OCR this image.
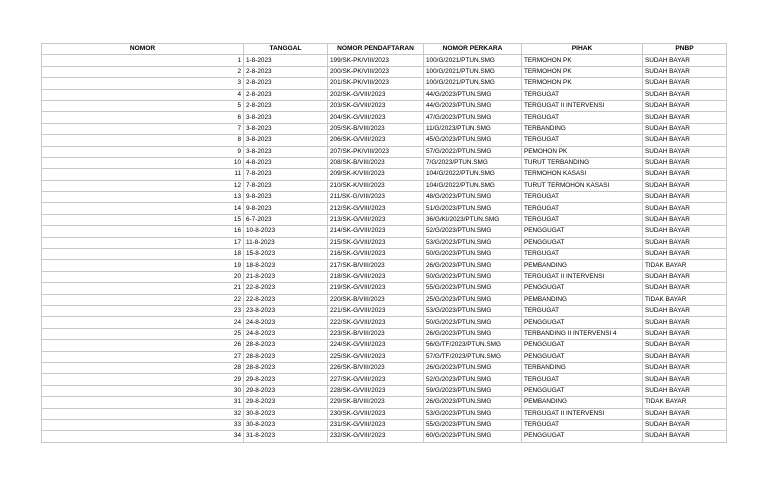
NOMOR	TANGGAL	NOMOR PENDAFTARAN	NOMOR PERKARA	PIHAK	PNBP
1	1-8-2023	199/SK-PK/VIII/2023	100/G/2021/PTUN.SMG	TERMOHON PK	SUDAH BAYAR
2	2-8-2023	200/SK-PK/VIII/2023	100/G/2021/PTUN.SMG	TERMOHON PK	SUDAH BAYAR
3	2-8-2023	201/SK-PK/VIII/2023	100/G/2021/PTUN.SMG	TERMOHON PK	SUDAH BAYAR
4	2-8-2023	202/SK-G/VIII/2023	44/G/2023/PTUN.SMG	TERGUGAT	SUDAH BAYAR
5	2-8-2023	203/SK-G/VIII/2023	44/G/2023/PTUN.SMG	TERGUGAT II INTERVENSI	SUDAH BAYAR
6	3-8-2023	204/SK-G/VIII/2023	47/G/2023/PTUN.SMG	TERGUGAT	SUDAH BAYAR
7	3-8-2023	205/SK-B/VIII/2023	11/G/2023/PTUN.SMG	TERBANDING	SUDAH BAYAR
8	3-8-2023	206/SK-G/VIII/2023	45/G/2023/PTUN.SMG	TERGUGAT	SUDAH BAYAR
9	3-8-2023	207/SK-PK/VIII/2023	57/G/2022/PTUN.SMG	PEMOHON PK	SUDAH BAYAR
10	4-8-2023	208/SK-B/VIII/2023	7/G/2023/PTUN.SMG	TURUT TERBANDING	SUDAH BAYAR
11	7-8-2023	209/SK-K/VIII/2023	104/G/2022/PTUN.SMG	TERMOHON KASASI	SUDAH BAYAR
12	7-8-2023	210/SK-K/VIII/2023	104/G/2022/PTUN.SMG	TURUT TERMOHON KASASI	SUDAH BAYAR
13	9-8-2023	211/SK-G/VIII/2023	48/G/2023/PTUN.SMG	TERGUGAT	SUDAH BAYAR
14	9-8-2023	212/SK-G/VIII/2023	51/G/2023/PTUN.SMG	TERGUGAT	SUDAH BAYAR
15	6-7-2023	213/SK-G/VIII/2023	36/G/KI/2023/PTUN.SMG	TERGUGAT	SUDAH BAYAR
16	10-8-2023	214/SK-G/VIII/2023	52/G/2023/PTUN.SMG	PENGGUGAT	SUDAH BAYAR
17	11-8-2023	215/SK-G/VIII/2023	53/G/2023/PTUN.SMG	PENGGUGAT	SUDAH BAYAR
18	15-8-2023	216/SK-G/VIII/2023	50/G/2023/PTUN.SMG	TERGUGAT	SUDAH BAYAR
19	18-8-2023	217/SK-B/VIII/2023	26/G/2023/PTUN.SMG	PEMBANDING	TIDAK BAYAR
20	21-8-2023	218/SK-G/VIII/2023	50/G/2023/PTUN.SMG	TERGUGAT II INTERVENSI	SUDAH BAYAR
21	22-8-2023	219/SK-G/VIII/2023	55/G/2023/PTUN.SMG	PENGGUGAT	SUDAH BAYAR
22	22-8-2023	220/SK-B/VIII/2023	25/G/2023/PTUN.SMG	PEMBANDING	TIDAK BAYAR
23	23-8-2023	221/SK-G/VIII/2023	53/G/2023/PTUN.SMG	TERGUGAT	SUDAH BAYAR
24	24-8-2023	222/SK-G/VIII/2023	50/G/2023/PTUN.SMG	PENGGUGAT	SUDAH BAYAR
25	24-8-2023	223/SK-B/VIII/2023	26/G/2023/PTUN.SMG	TERBANDING II INTERVENSI 4	SUDAH BAYAR
26	28-8-2023	224/SK-G/VIII/2023	56/G/TF/2023/PTUN.SMG	PENGGUGAT	SUDAH BAYAR
27	28-8-2023	225/SK-G/VIII/2023	57/G/TF/2023/PTUN.SMG	PENGGUGAT	SUDAH BAYAR
28	28-8-2023	226/SK-B/VIII/2023	26/G/2023/PTUN.SMG	TERBANDING	SUDAH BAYAR
29	29-8-2023	227/SK-G/VIII/2023	52/G/2023/PTUN.SMG	TERGUGAT	SUDAH BAYAR
30	29-8-2023	228/SK-G/VIII/2023	59/G/2023/PTUN.SMG	PENGGUGAT	SUDAH BAYAR
31	29-8-2023	229/SK-B/VIII/2023	26/G/2023/PTUN.SMG	PEMBANDING	TIDAK BAYAR
32	30-8-2023	230/SK-G/VIII/2023	53/G/2023/PTUN.SMG	TERGUGAT II INTERVENSI	SUDAH BAYAR
33	30-8-2023	231/SK-G/VIII/2023	55/G/2023/PTUN.SMG	TERGUGAT	SUDAH BAYAR
34	31-8-2023	232/SK-G/VIII/2023	60/G/2023/PTUN.SMG	PENGGUGAT	SUDAH BAYAR
